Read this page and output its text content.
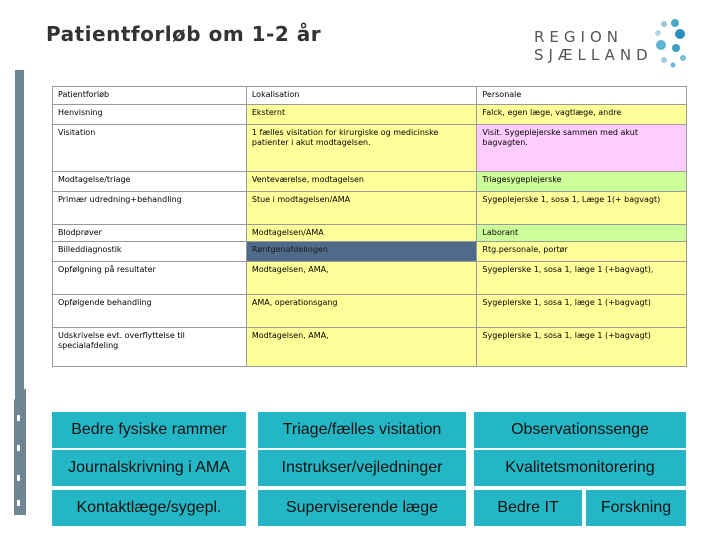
Patientforløb om 1-2 år	REGION
SJÆLLAND
Patientforløb	Lokalisation	Personale
Henvisning	Eksternt	Falck, egen læge, vagtlæge, andre
Visitation	1 fælles visitation for kirurgiske og medicinske patienter i akut modtagelsen.	Visit. Sygeplejerske sammen med akut bagvagten.
Modtagelse/triage	Venteværelse, modtagelsen	Triagesygeplejerske
Primær udredning+behandling	Stue i modtagelsen/AMA	Sygeplejerske 1, sosa 1, Læge 1(+ bagvagt)
Blodprøver	Modtagelsen/AMA	Laborant
Billeddiagnostik	Røntgenafdelingen	Rtg.personale, portør
Opfølgning på resultater	Modtagelsen, AMA,	Sygeplerske 1, sosa 1, læge 1 (+bagvagt),
Opfølgende behandling	AMA, operationsgang	Sygeplerske 1, sosa 1, læge 1 (+bagvagt)
Udskrivelse evt. overflyttelse til specialafdeling	Modtagelsen, AMA,	Sygeplerske 1, sosa 1, læge 1 (+bagvagt)
Bedre fysiske rammer	Triage/fælles visitation	Observationssenge
Journalskrivning i AMA	Instrukser/vejledninger	Kvalitetsmonitorering
Kontaktlæge/sygepl.	Superviserende læge	Bedre IT	Forskning
